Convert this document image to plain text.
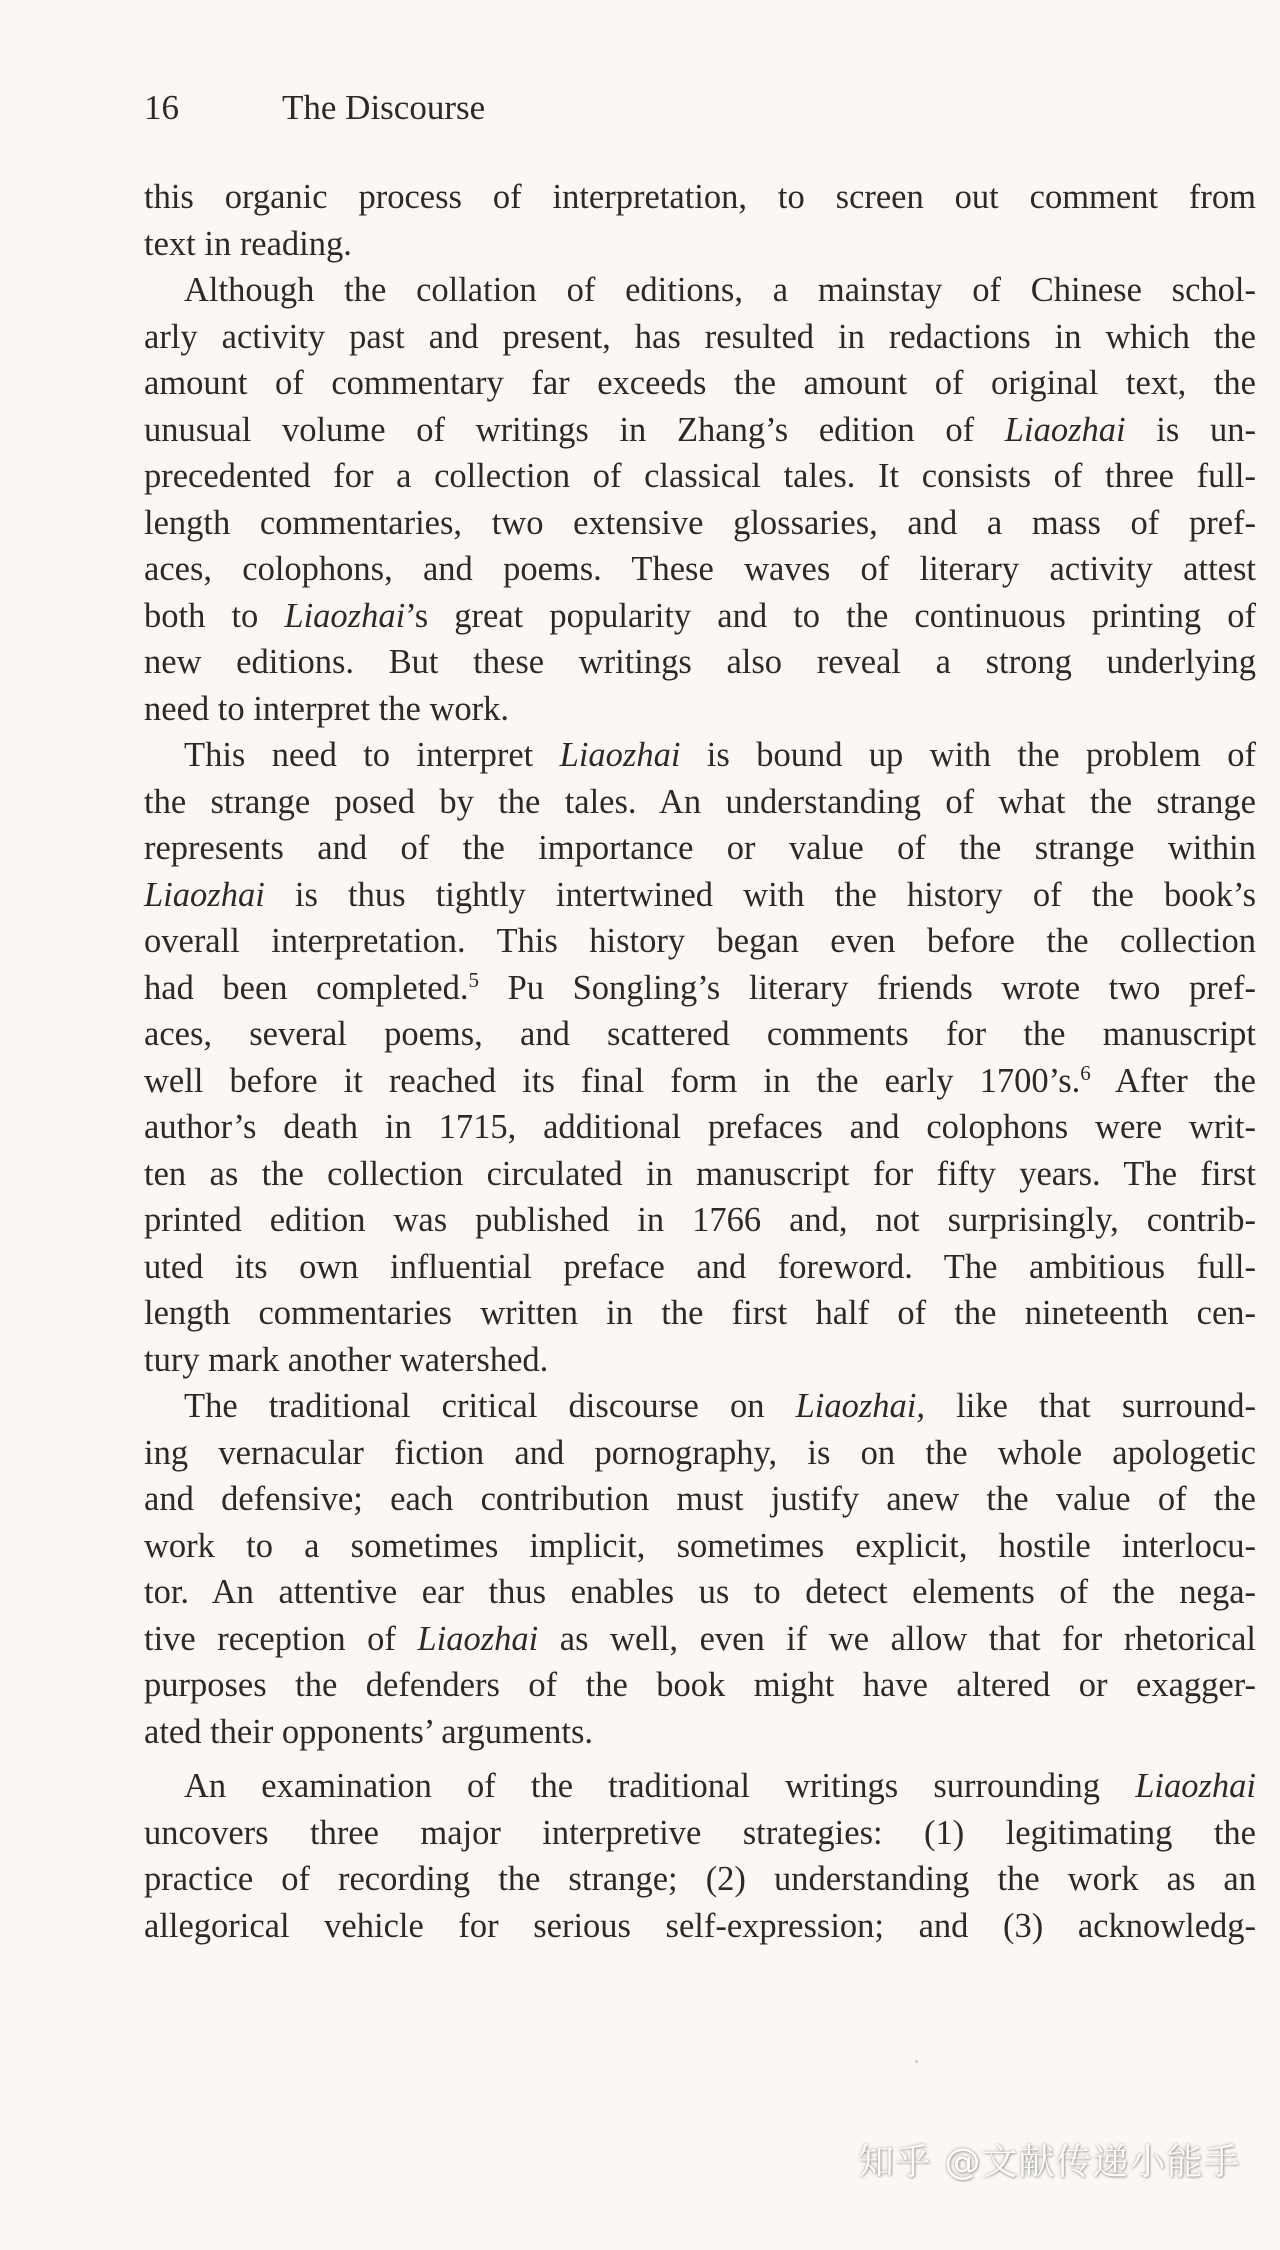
16	The Discourse
this organic process of interpretation, to screen out comment from
text in reading.
Although the collation of editions, a mainstay of Chinese schol-
arly activity past and present, has resulted in redactions in which the
amount of commentary far exceeds the amount of original text, the
unusual volume of writings in Zhang’s edition of Liaozhai is un-
precedented for a collection of classical tales. It consists of three full-
length commentaries, two extensive glossaries, and a mass of pref-
aces, colophons, and poems. These waves of literary activity attest
both to Liaozhai’s great popularity and to the continuous printing of
new editions. But these writings also reveal a strong underlying
need to interpret the work.
This need to interpret Liaozhai is bound up with the problem of
the strange posed by the tales. An understanding of what the strange
represents and of the importance or value of the strange within
Liaozhai is thus tightly intertwined with the history of the book’s
overall interpretation. This history began even before the collection
had been completed.$^5$ Pu Songling’s literary friends wrote two pref-
aces, several poems, and scattered comments for the manuscript
well before it reached its final form in the early 1700’s.$^6$ After the
author’s death in 1715, additional prefaces and colophons were writ-
ten as the collection circulated in manuscript for fifty years. The first
printed edition was published in 1766 and, not surprisingly, contrib-
uted its own influential preface and foreword. The ambitious full-
length commentaries written in the first half of the nineteenth cen-
tury mark another watershed.
The traditional critical discourse on Liaozhai, like that surround-
ing vernacular fiction and pornography, is on the whole apologetic
and defensive; each contribution must justify anew the value of the
work to a sometimes implicit, sometimes explicit, hostile interlocu-
tor. An attentive ear thus enables us to detect elements of the nega-
tive reception of Liaozhai as well, even if we allow that for rhetorical
purposes the defenders of the book might have altered or exagger-
ated their opponents’ arguments.
An examination of the traditional writings surrounding Liaozhai
uncovers three major interpretive strategies: (1) legitimating the
practice of recording the strange; (2) understanding the work as an
allegorical vehicle for serious self-expression; and (3) acknowledg-
知乎 @文献传递小能手
